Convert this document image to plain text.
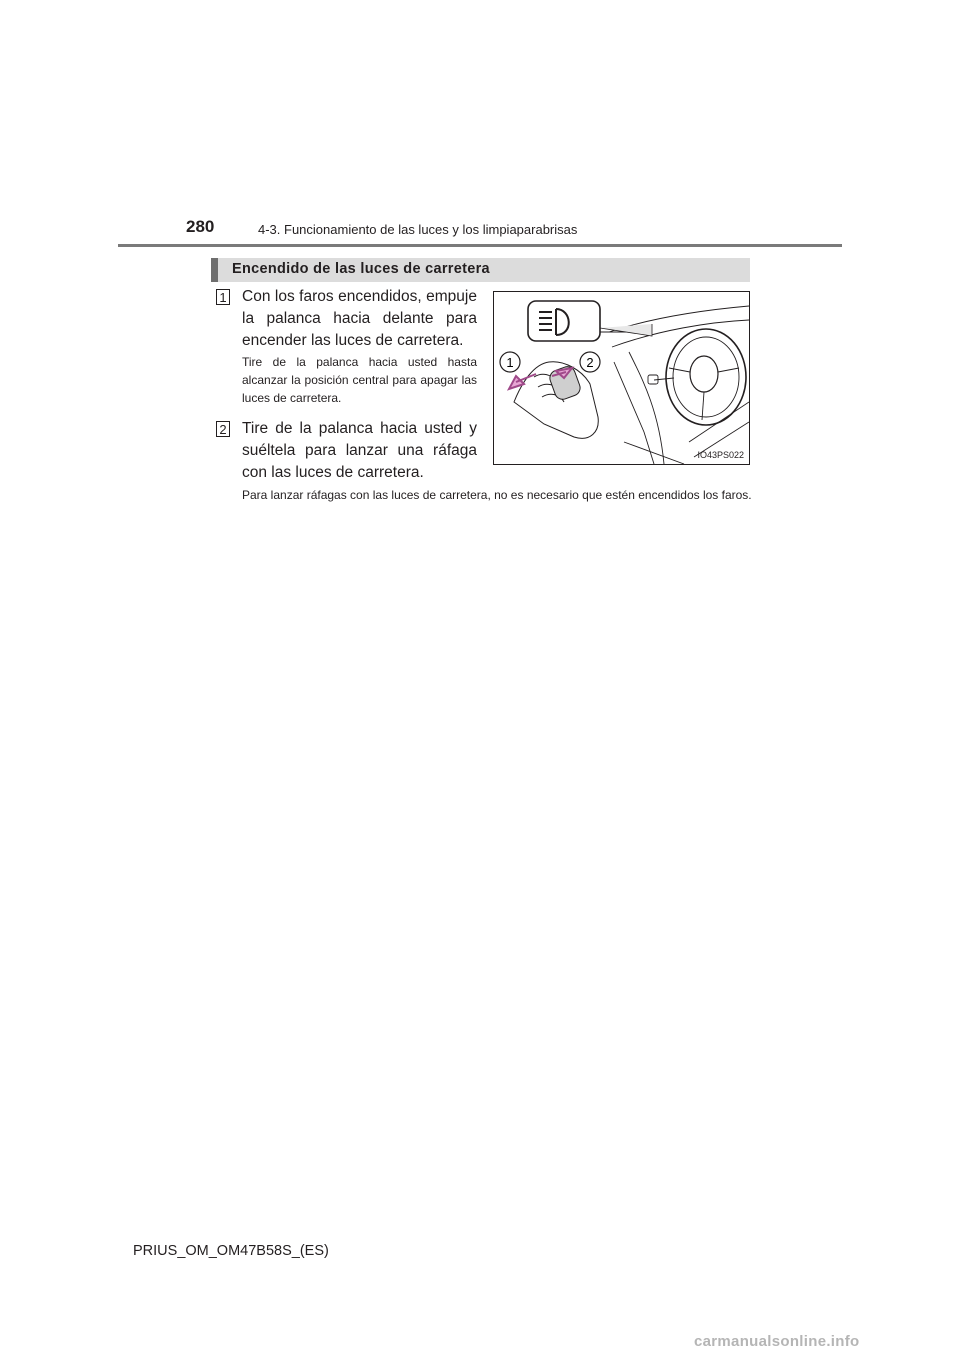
280	4-3. Funcionamiento de las luces y los limpiaparabrisas
Encendido de las luces de carretera
1 Con los faros encendidos, empuje la palanca hacia delante para encender las luces de carretera.
Tire de la palanca hacia usted hasta alcanzar la posición central para apagar las luces de carretera.
2 Tire de la palanca hacia usted y suéltela para lanzar una ráfaga con las luces de carretera.
Para lanzar ráfagas con las luces de carretera, no es necesario que estén encendidos los faros.
1	2
IO43PS022
PRIUS_OM_OM47B58S_(ES)
carmanualsonline.info
